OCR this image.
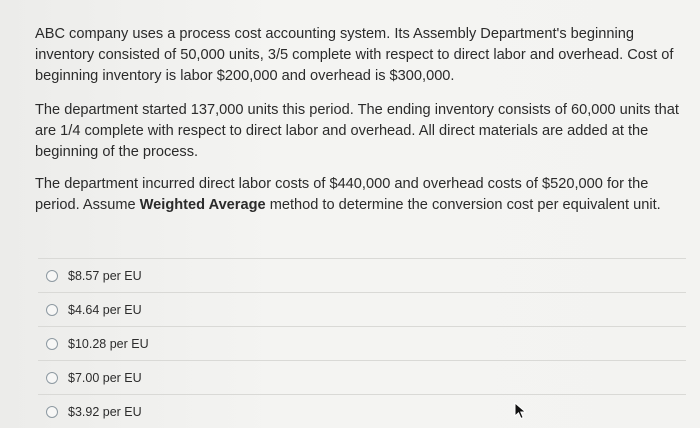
ABC company uses a process cost accounting system. Its Assembly Department's beginning inventory consisted of 50,000 units, 3/5 complete with respect to direct labor and overhead. Cost of beginning inventory is labor $200,000 and overhead is $300,000.

The department started 137,000 units this period. The ending inventory consists of 60,000 units that are 1/4 complete with respect to direct labor and overhead. All direct materials are added at the beginning of the process.

The department incurred direct labor costs of $440,000 and overhead costs of $520,000 for the period. Assume Weighted Average method to determine the conversion cost per equivalent unit.

$8.57 per EU
$4.64 per EU
$10.28 per EU
$7.00 per EU
$3.92 per EU
